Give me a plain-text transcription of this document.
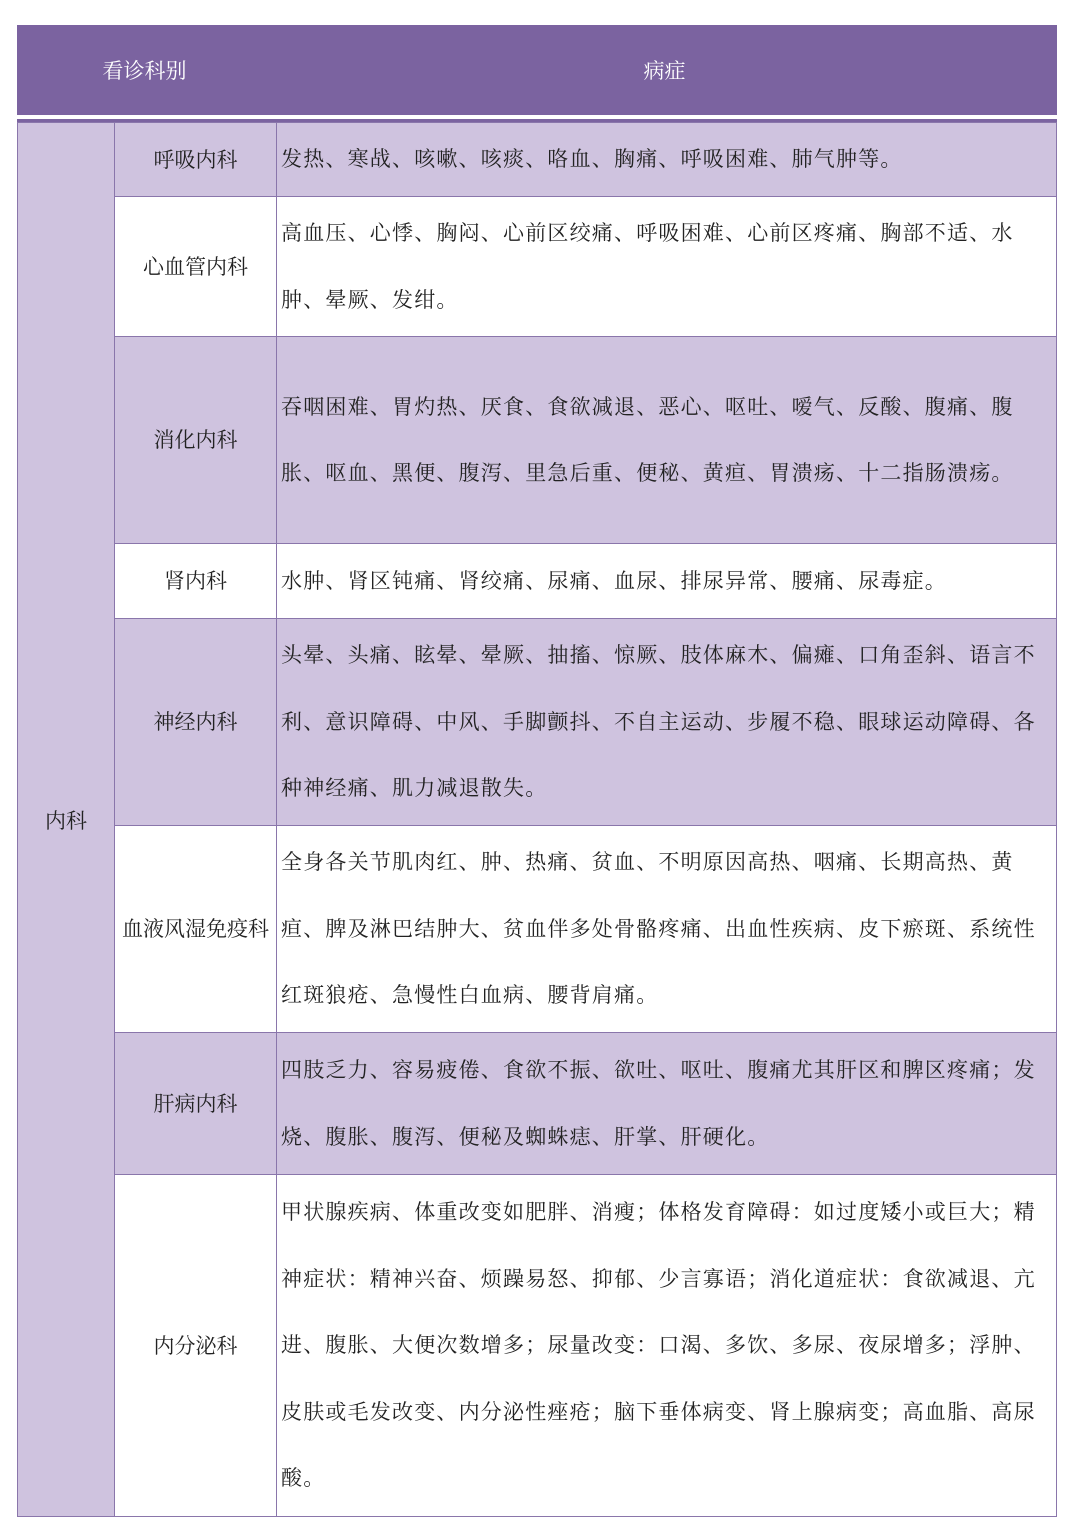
看诊科别	病症
内科	呼吸内科	发热、寒战、咳嗽、咳痰、咯血、胸痛、呼吸困难、肺气肿等。
	心血管内科	高血压、心悸、胸闷、心前区绞痛、呼吸困难、心前区疼痛、胸部不适、水肿、晕厥、发绀。
	消化内科	吞咽困难、胃灼热、厌食、食欲减退、恶心、呕吐、嗳气、反酸、腹痛、腹胀、呕血、黑便、腹泻、里急后重、便秘、黄疸、胃溃疡、十二指肠溃疡。
	肾内科	水肿、肾区钝痛、肾绞痛、尿痛、血尿、排尿异常、腰痛、尿毒症。
	神经内科	头晕、头痛、眩晕、晕厥、抽搐、惊厥、肢体麻木、偏瘫、口角歪斜、语言不利、意识障碍、中风、手脚颤抖、不自主运动、步履不稳、眼球运动障碍、各种神经痛、肌力减退散失。
	血液风湿免疫科	全身各关节肌肉红、肿、热痛、贫血、不明原因高热、咽痛、长期高热、黄疸、脾及淋巴结肿大、贫血伴多处骨骼疼痛、出血性疾病、皮下瘀斑、系统性红斑狼疮、急慢性白血病、腰背肩痛。
	肝病内科	四肢乏力、容易疲倦、食欲不振、欲吐、呕吐、腹痛尤其肝区和脾区疼痛；发烧、腹胀、腹泻、便秘及蜘蛛痣、肝掌、肝硬化。
	内分泌科	甲状腺疾病、体重改变如肥胖、消瘦；体格发育障碍：如过度矮小或巨大；精神症状：精神兴奋、烦躁易怒、抑郁、少言寡语；消化道症状：食欲减退、亢进、腹胀、大便次数增多；尿量改变：口渴、多饮、多尿、夜尿增多；浮肿、皮肤或毛发改变、内分泌性痤疮；脑下垂体病变、肾上腺病变；高血脂、高尿酸。
